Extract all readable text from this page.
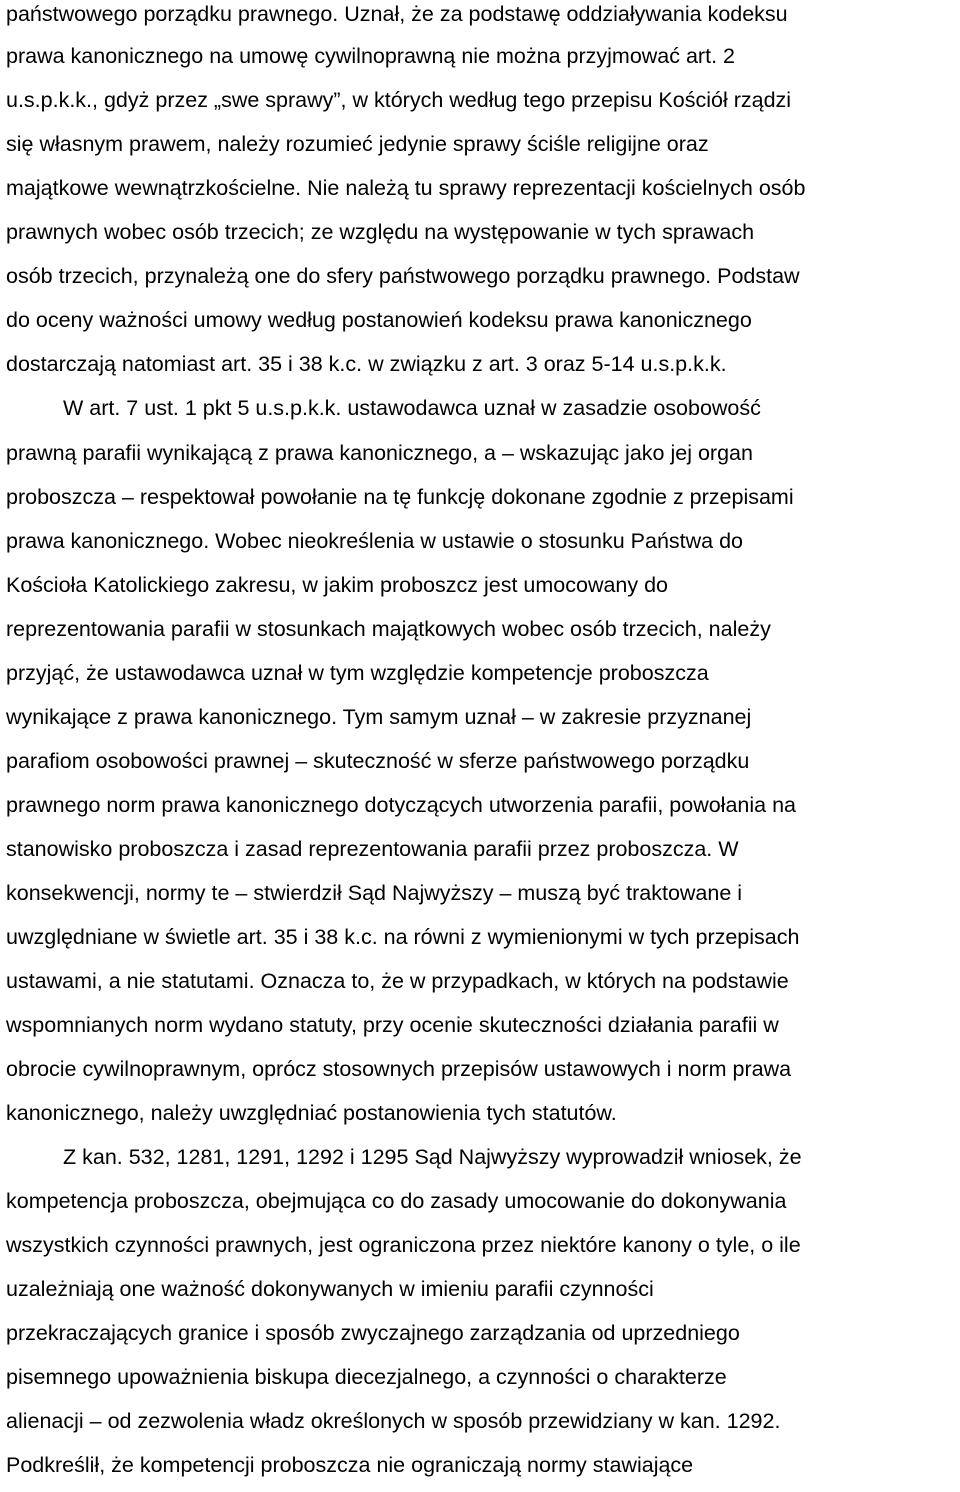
państwowego porządku prawnego. Uznał, że za podstawę oddziaływania kodeksu
prawa kanonicznego na umowę cywilnoprawną nie można przyjmować art. 2
u.s.p.k.k., gdyż przez „swe sprawy”, w których według tego przepisu Kościół rządzi
się własnym prawem, należy rozumieć jedynie sprawy ściśle religijne oraz
majątkowe wewnątrzkościelne. Nie należą tu sprawy reprezentacji kościelnych osób
prawnych wobec osób trzecich; ze względu na występowanie w tych sprawach
osób trzecich, przynależą one do sfery państwowego porządku prawnego. Podstaw
do oceny ważności umowy według postanowień kodeksu prawa kanonicznego
dostarczają natomiast art. 35 i 38 k.c. w związku z art. 3 oraz 5-14 u.s.p.k.k.
W art. 7 ust. 1 pkt 5 u.s.p.k.k. ustawodawca uznał w zasadzie osobowość
prawną parafii wynikającą z prawa kanonicznego, a – wskazując jako jej organ
proboszcza – respektował powołanie na tę funkcję dokonane zgodnie z przepisami
prawa kanonicznego. Wobec nieokreślenia w ustawie o stosunku Państwa do
Kościoła Katolickiego zakresu, w jakim proboszcz jest umocowany do
reprezentowania parafii w stosunkach majątkowych wobec osób trzecich, należy
przyjąć, że ustawodawca uznał w tym względzie kompetencje proboszcza
wynikające z prawa kanonicznego. Tym samym uznał – w zakresie przyznanej
parafiom osobowości prawnej – skuteczność w sferze państwowego porządku
prawnego norm prawa kanonicznego dotyczących utworzenia parafii, powołania na
stanowisko proboszcza i zasad reprezentowania parafii przez proboszcza. W
konsekwencji, normy te – stwierdził Sąd Najwyższy – muszą być traktowane i
uwzględniane w świetle art. 35 i 38 k.c. na równi z wymienionymi w tych przepisach
ustawami, a nie statutami. Oznacza to, że w przypadkach, w których na podstawie
wspomnianych norm wydano statuty, przy ocenie skuteczności działania parafii w
obrocie cywilnoprawnym, oprócz stosownych przepisów ustawowych i norm prawa
kanonicznego, należy uwzględniać postanowienia tych statutów.
Z kan. 532, 1281, 1291, 1292 i 1295 Sąd Najwyższy wyprowadził wniosek, że
kompetencja proboszcza, obejmująca co do zasady umocowanie do dokonywania
wszystkich czynności prawnych, jest ograniczona przez niektóre kanony o tyle, o ile
uzależniają one ważność dokonywanych w imieniu parafii czynności
przekraczających granice i sposób zwyczajnego zarządzania od uprzedniego
pisemnego upoważnienia biskupa diecezjalnego, a czynności o charakterze
alienacji – od zezwolenia władz określonych w sposób przewidziany w kan. 1292.
Podkreślił, że kompetencji proboszcza nie ograniczają normy stawiające
